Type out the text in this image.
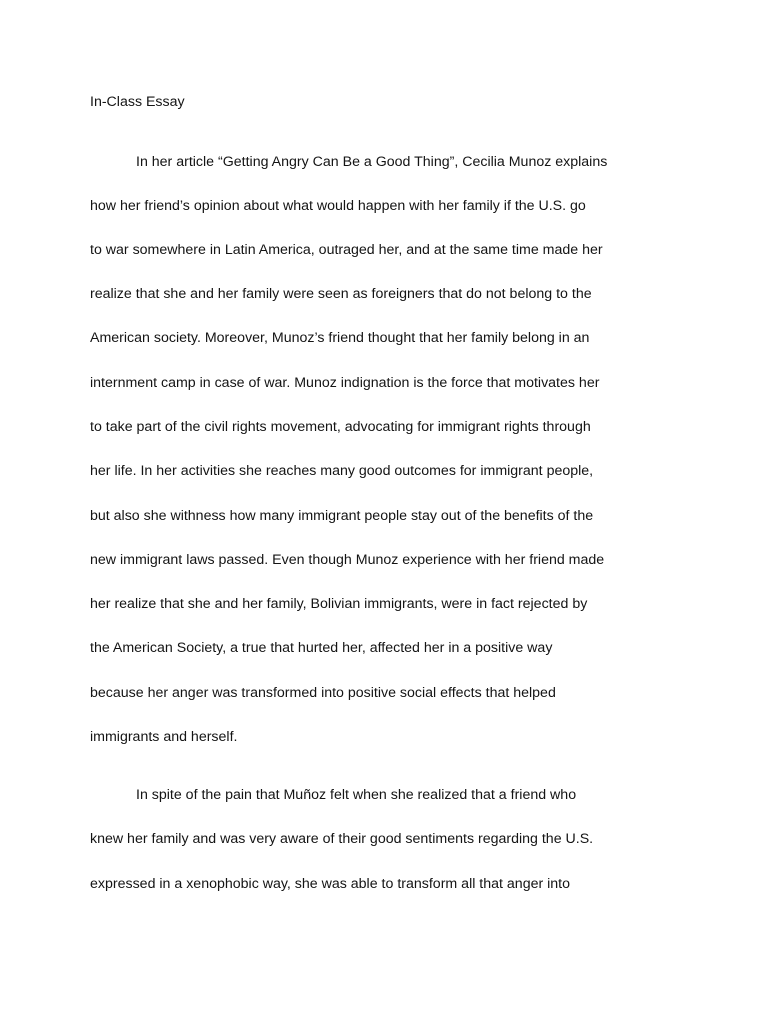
In-Class Essay
In her article “Getting Angry Can Be a Good Thing”, Cecilia Munoz explains
how her friend’s opinion about what would happen with her family if the U.S. go
to war somewhere in Latin America, outraged her, and at the same time made her
realize that she and her family were seen as foreigners that do not belong to the
American society. Moreover, Munoz’s friend thought that her family belong in an
internment camp in case of war. Munoz indignation is the force that motivates her
to take part of the civil rights movement, advocating for immigrant rights through
her life. In her activities she reaches many good outcomes for immigrant people,
but also she withness how many immigrant people stay out of the benefits of the
new immigrant laws passed. Even though Munoz experience with her friend made
her realize that she and her family, Bolivian immigrants, were in fact rejected by
the American Society, a true that hurted her, affected her in a positive way
because her anger was transformed into positive social effects that helped
immigrants and herself.
In spite of the pain that Muñoz felt when she realized that a friend who
knew her family and was very aware of their good sentiments regarding the U.S.
expressed in a xenophobic way, she was able to transform all that anger into
